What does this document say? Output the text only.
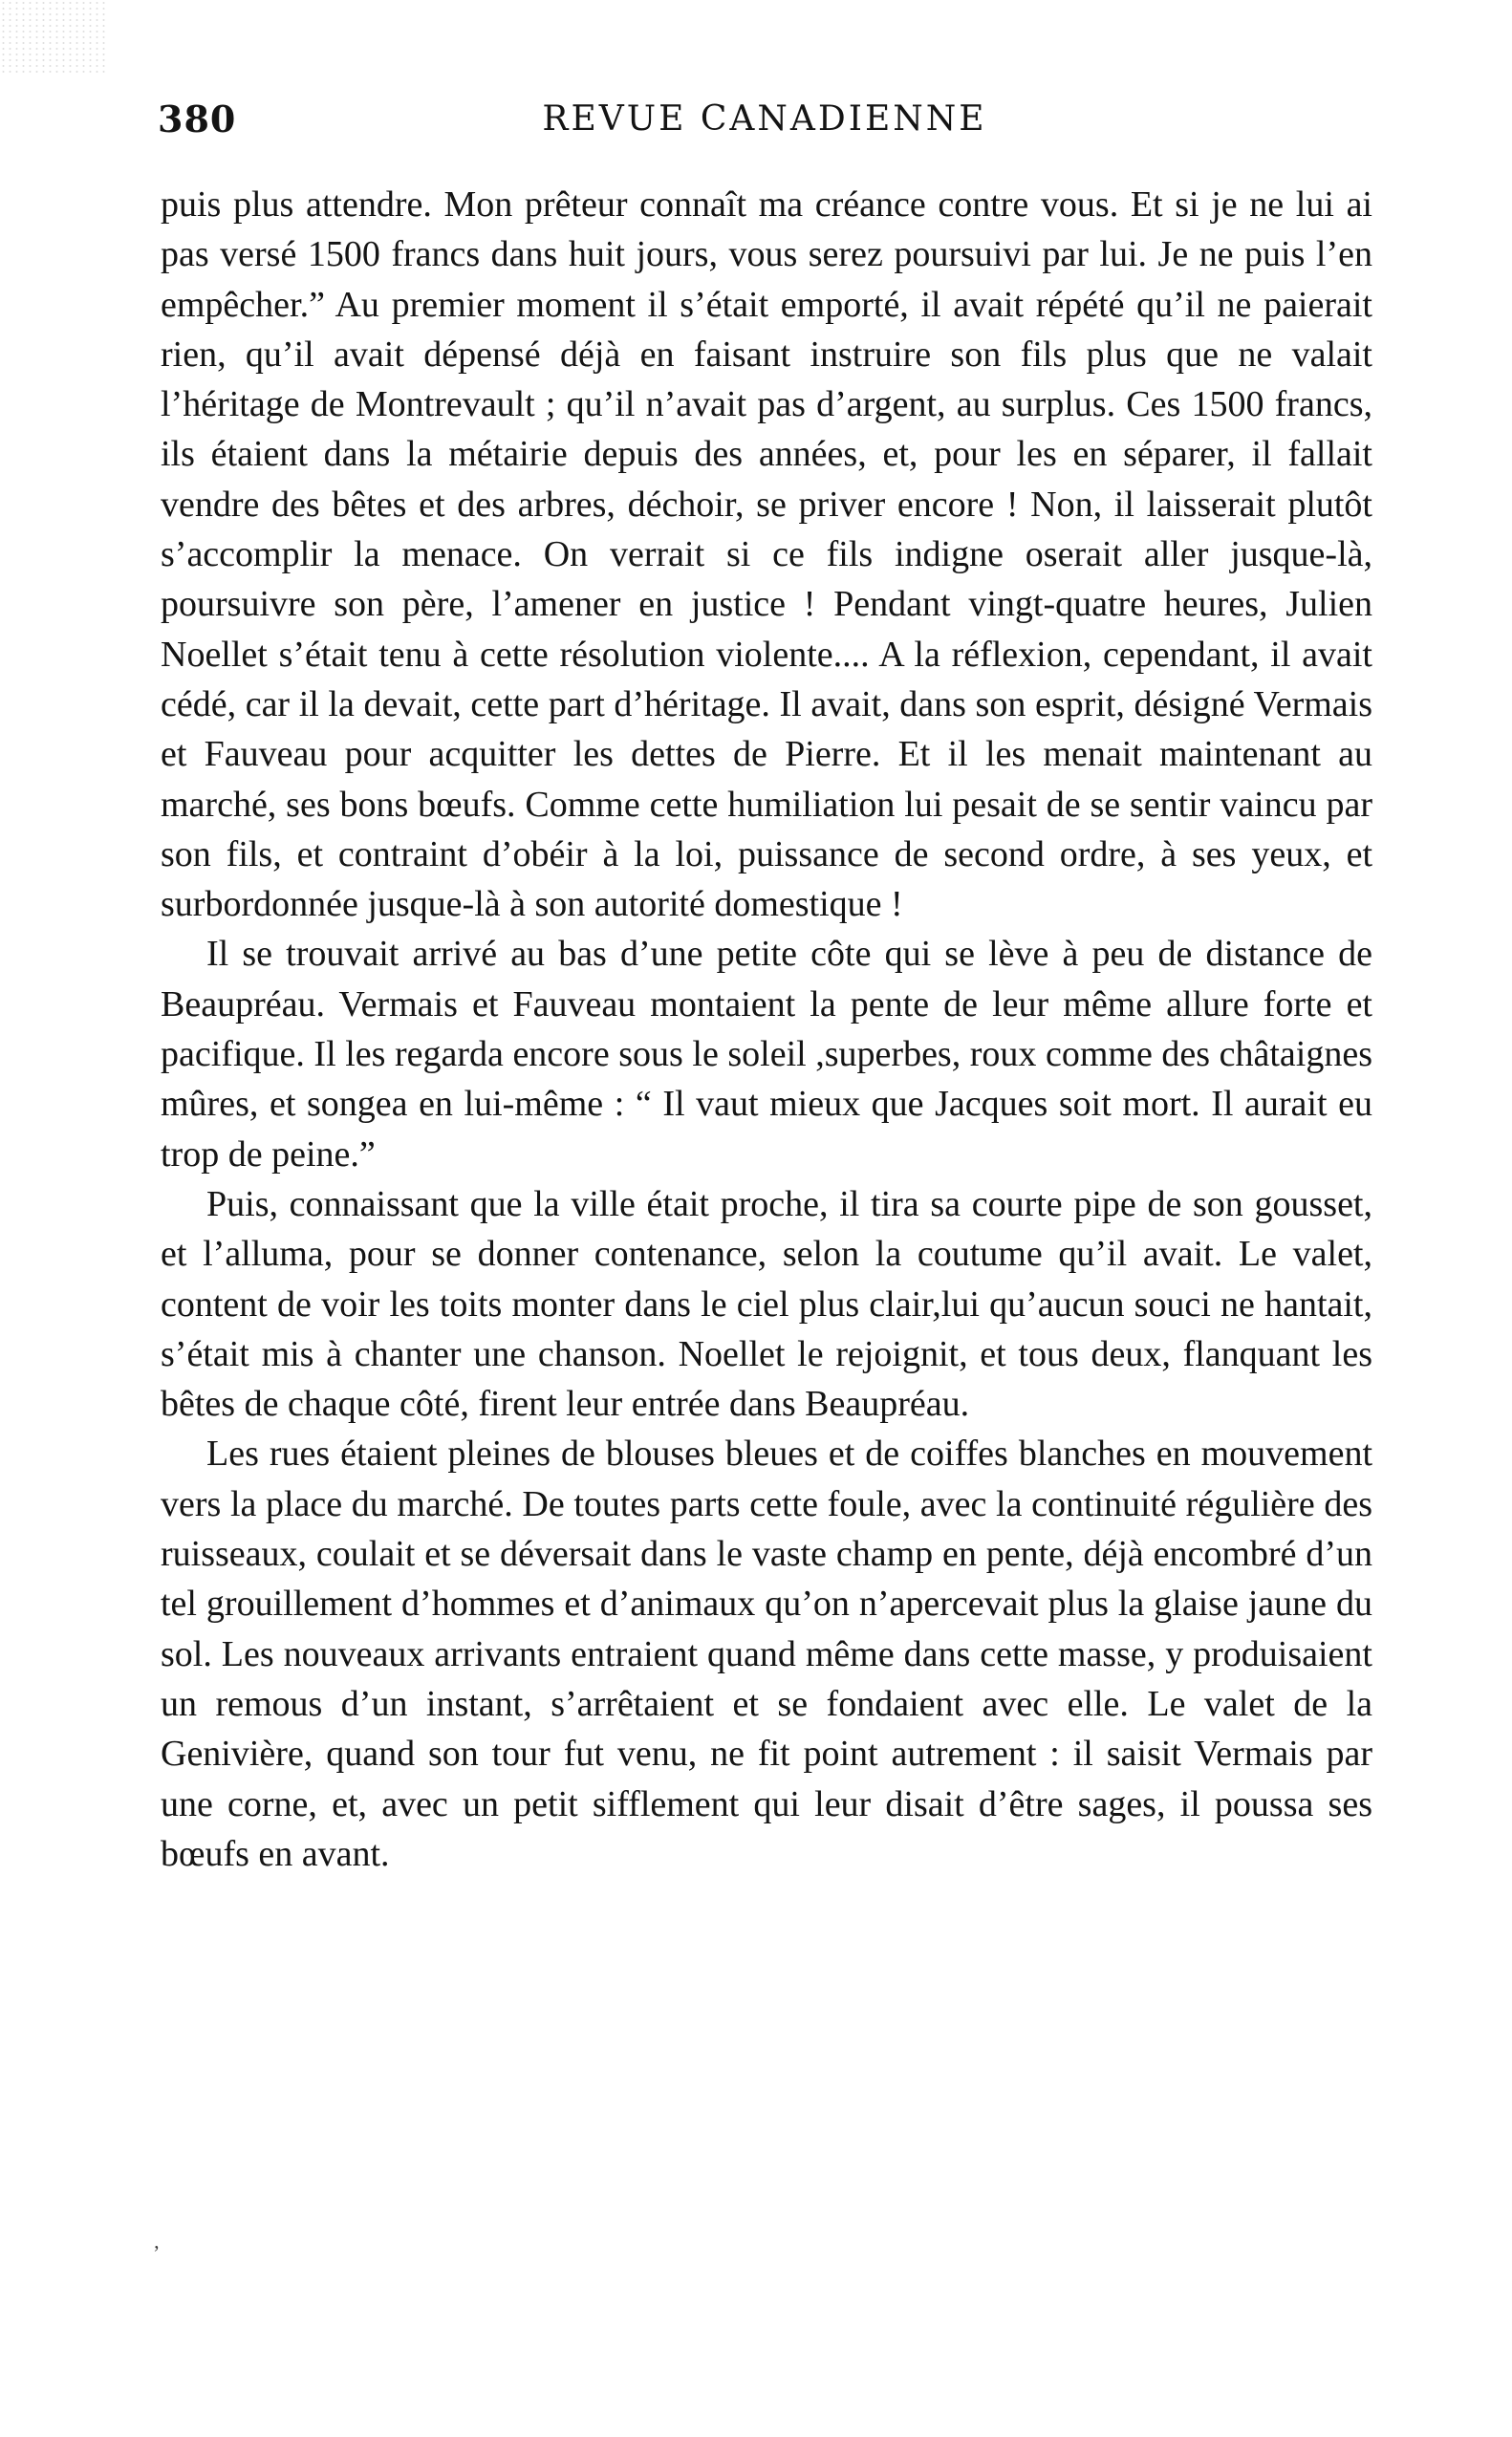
380	REVUE CANADIENNE

puis plus attendre. Mon prêteur connaît ma créance contre vous. Et si je ne lui ai pas versé 1500 francs dans huit jours, vous serez poursuivi par lui. Je ne puis l’en empêcher.” Au premier moment il s’était emporté, il avait répété qu’il ne paierait rien, qu’il avait dépensé déjà en faisant instruire son fils plus que ne valait l’héritage de Montrevault ; qu’il n’avait pas d’argent, au surplus. Ces 1500 francs, ils étaient dans la métairie depuis des années, et, pour les en séparer, il fallait vendre des bêtes et des arbres, déchoir, se priver encore ! Non, il laisserait plutôt s’accomplir la menace. On verrait si ce fils indigne oserait aller jusque-là, poursuivre son père, l’amener en justice ! Pendant vingt-quatre heures, Julien Noellet s’était tenu à cette résolution violente.... A la réflexion, cependant, il avait cédé, car il la devait, cette part d’héritage. Il avait, dans son esprit, désigné Vermais et Fauveau pour acquitter les dettes de Pierre. Et il les menait maintenant au marché, ses bons bœufs. Comme cette humiliation lui pesait de se sentir vaincu par son fils, et contraint d’obéir à la loi, puissance de second ordre, à ses yeux, et surbordonnée jusque-là à son autorité domestique !

Il se trouvait arrivé au bas d’une petite côte qui se lève à peu de distance de Beaupréau. Vermais et Fauveau montaient la pente de leur même allure forte et pacifique. Il les regarda encore sous le soleil ,superbes, roux comme des châtaignes mûres, et songea en lui-même : “ Il vaut mieux que Jacques soit mort. Il aurait eu trop de peine.”

Puis, connaissant que la ville était proche, il tira sa courte pipe de son gousset, et l’alluma, pour se donner contenance, selon la coutume qu’il avait. Le valet, content de voir les toits monter dans le ciel plus clair,lui qu’aucun souci ne hantait, s’était mis à chanter une chanson. Noellet le rejoignit, et tous deux, flanquant les bêtes de chaque côté, firent leur entrée dans Beaupréau.

Les rues étaient pleines de blouses bleues et de coiffes blanches en mouvement vers la place du marché. De toutes parts cette foule, avec la continuité régulière des ruisseaux, coulait et se déversait dans le vaste champ en pente, déjà encombré d’un tel grouillement d’hommes et d’animaux qu’on n’apercevait plus la glaise jaune du sol. Les nouveaux arrivants entraient quand même dans cette masse, y produisaient un remous d’un instant, s’arrêtaient et se fondaient avec elle. Le valet de la Genivière, quand son tour fut venu, ne fit point autrement : il saisit Vermais par une corne, et, avec un petit sifflement qui leur disait d’être sages, il poussa ses bœufs en avant.

ʼ
